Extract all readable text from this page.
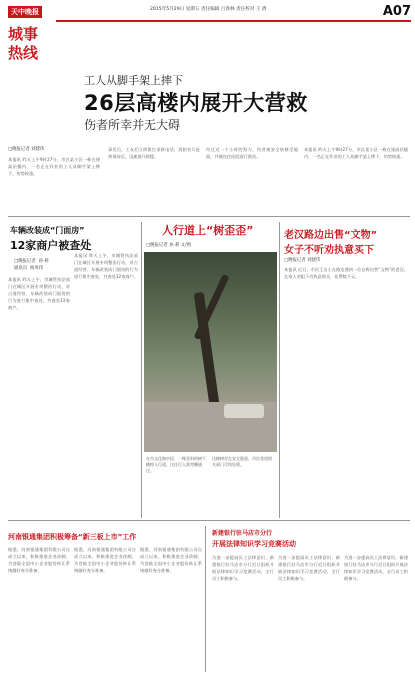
天中晚报
城事
热线
2015年5月29日 星期五 责任编辑 吕春林 责任校对 王 倩	A07
工人从脚手架上摔下
26层高楼内展开大营救
伤者所幸并无大碍
□晚报记者 刘建伟
本报讯 昨天上午9时27分，市区某小区一栋在建高层楼内，一名正在作业的工人从脚手架上摔下，伤势较重。
事发后，工友们立即拨打求救电话，消防官兵赶到现场后，迅速展开救援。
经过近一个小时的努力，伤者被安全转移至地面，并被送往医院进行救治。
本报讯 昨天上午9时27分，市区某小区一栋在建高层楼内，一名正在作业的工人从脚手架上摔下，伤势较重。
车辆改装成“门面房”
12家商户被查处
□晚报记者  孙 莉
通讯员  杨凤伟
本报讯 昨天上午，市城管执法部门在城区开展专项整治行动，对占道经营、车辆改装成门面房的行为进行集中查处，共查处12家商户。
本报讯 昨天上午，市城管执法部门在城区开展专项整治行动，对占道经营、车辆改装成门面房的行为进行集中查处，共查处12家商户。
人行道上“树歪歪”
□晚报记者 孙 莉 文/图
在市文化路中段，一棵歪斜的树干横跨人行道，过往行人需弯腰通过。
这棵树存在安全隐患，市民希望相关部门尽快处理。
老汉路边出售“文物”
女子不听劝执意买下
□晚报记者 刘建伟
本报讯 近日，市民王女士在路边遇到一位自称出售“文物”的老汉，在家人劝阻下仍执意购买，花费数千元。
河南银通集团积极筹备“新三板上市”工作
据悉，河南银通集团有限公司自成立以来，积极推进企业改制，为登陆全国中小企业股份转让系统做好充分准备。
据悉，河南银通集团有限公司自成立以来，积极推进企业改制，为登陆全国中小企业股份转让系统做好充分准备。
据悉，河南银通集团有限公司自成立以来，积极推进企业改制，为登陆全国中小企业股份转让系统做好充分准备。
新建银行驻马店市分行
开展法律知识学习竞赛活动
为进一步提高员工法律意识，新建银行驻马店市分行近日组织开展法律知识学习竞赛活动，全行员工积极参与。
为进一步提高员工法律意识，新建银行驻马店市分行近日组织开展法律知识学习竞赛活动，全行员工积极参与。
为进一步提高员工法律意识，新建银行驻马店市分行近日组织开展法律知识学习竞赛活动，全行员工积极参与。
